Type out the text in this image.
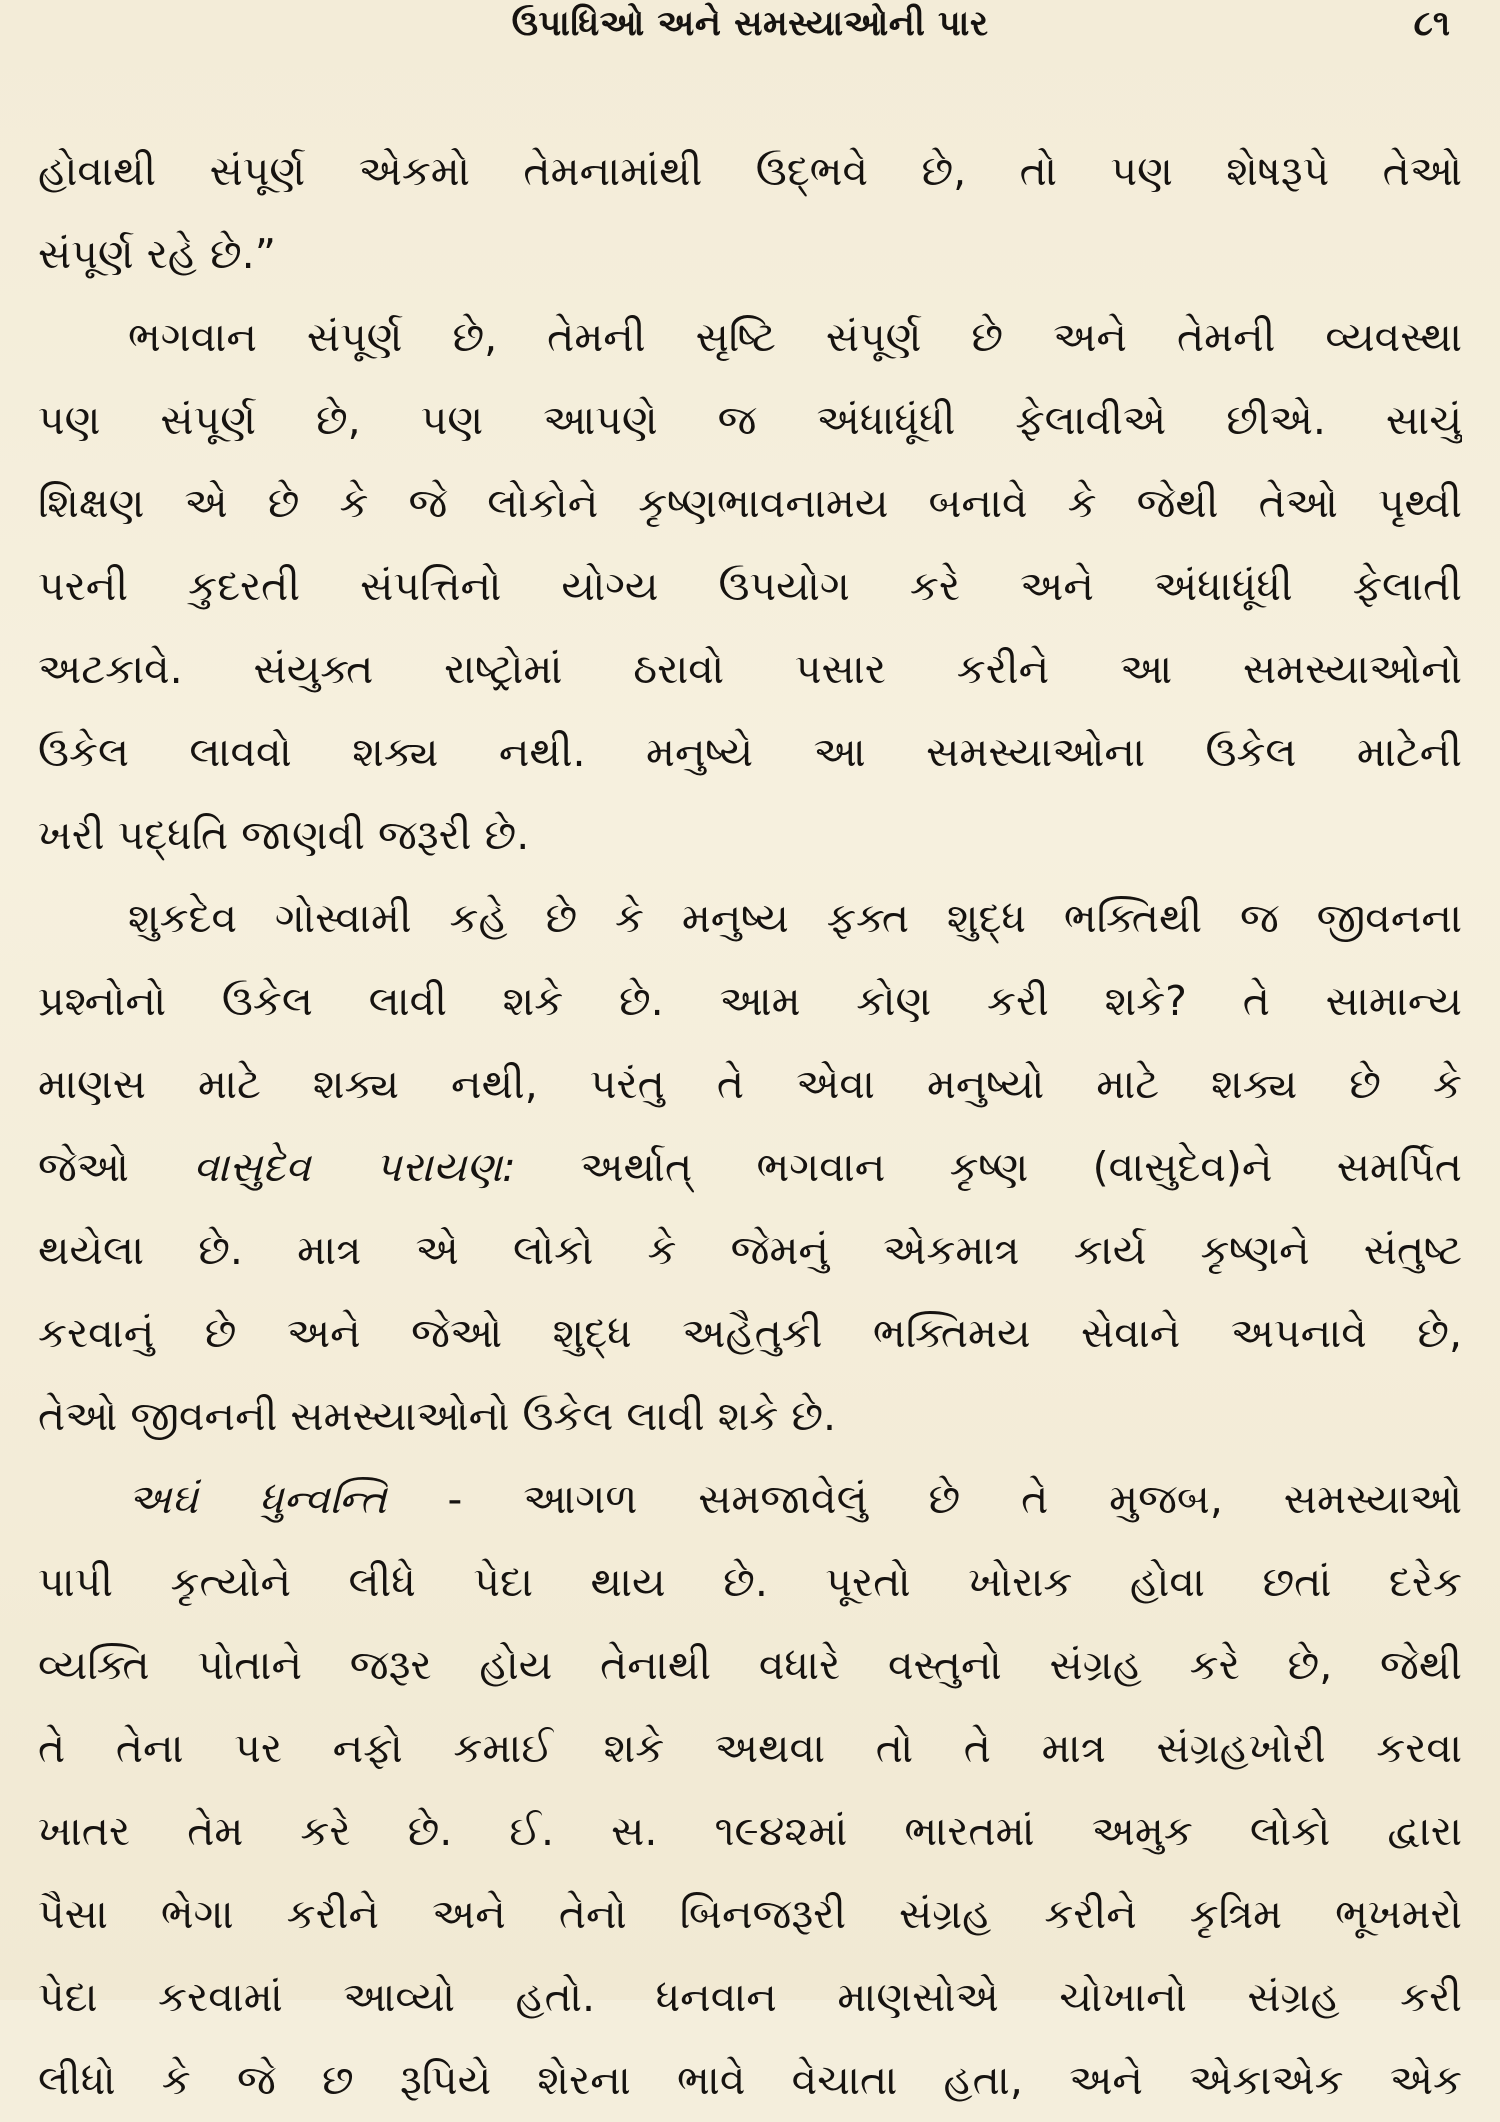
ઉપાધિઓ અને સમસ્યાઓની પાર	૮૧
હોવાથી સંપૂર્ણ એકમો તેમનામાંથી ઉદ્ભવે છે, તો પણ શેષરૂપે તેઓ
સંપૂર્ણ રહે છે.”
ભગવાન સંપૂર્ણ છે, તેમની સૃષ્ટિ સંપૂર્ણ છે અને તેમની વ્યવસ્થા
પણ સંપૂર્ણ છે, પણ આપણે જ અંધાધૂંધી ફેલાવીએ છીએ. સાચું
શિક્ષણ એ છે કે જે લોકોને કૃષ્ણભાવનામય બનાવે કે જેથી તેઓ પૃથ્વી
પરની કુદરતી સંપત્તિનો યોગ્ય ઉપયોગ કરે અને અંધાધૂંધી ફેલાતી
અટકાવે. સંયુક્ત રાષ્ટ્રોમાં ઠરાવો પસાર કરીને આ સમસ્યાઓનો
ઉકેલ લાવવો શક્ય નથી. મનુષ્યે આ સમસ્યાઓના ઉકેલ માટેની
ખરી પદ્ધતિ જાણવી જરૂરી છે.
શુકદેવ ગોસ્વામી કહે છે કે મનુષ્ય ફક્ત શુદ્ધ ભક્તિથી જ જીવનના
પ્રશ્નોનો ઉકેલ લાવી શકે છે. આમ કોણ કરી શકે? તે સામાન્ય
માણસ માટે શક્ય નથી, પરંતુ તે એવા મનુષ્યો માટે શક્ય છે કે
જેઓ વાસુદેવ પરાયણ: અર્થાત્ ભગવાન કૃષ્ણ (વાસુદેવ)ને સમર્પિત
થયેલા છે. માત્ર એ લોકો કે જેમનું એકમાત્ર કાર્ય કૃષ્ણને સંતુષ્ટ
કરવાનું છે અને જેઓ શુદ્ધ અહૈતુકી ભક્તિમય સેવાને અપનાવે છે,
તેઓ જીવનની સમસ્યાઓનો ઉકેલ લાવી શકે છે.
અઘં ધુન્વન્તિ - આગળ સમજાવેલું છે તે મુજબ, સમસ્યાઓ
પાપી કૃત્યોને લીધે પેદા થાય છે. પૂરતો ખોરાક હોવા છતાં દરેક
વ્યક્તિ પોતાને જરૂર હોય તેનાથી વધારે વસ્તુનો સંગ્રહ કરે છે, જેથી
તે તેના પર નફો કમાઈ શકે અથવા તો તે માત્ર સંગ્રહખોરી કરવા
ખાતર તેમ કરે છે. ઈ. સ. ૧૯૪૨માં ભારતમાં અમુક લોકો દ્વારા
પૈસા ભેગા કરીને અને તેનો બિનજરૂરી સંગ્રહ કરીને કૃત્રિમ ભૂખમરો
પેદા કરવામાં આવ્યો હતો. ધનવાન માણસોએ ચોખાનો સંગ્રહ કરી
લીધો કે જે છ રૂપિયે શેરના ભાવે વેચાતા હતા, અને એકાએક એક
